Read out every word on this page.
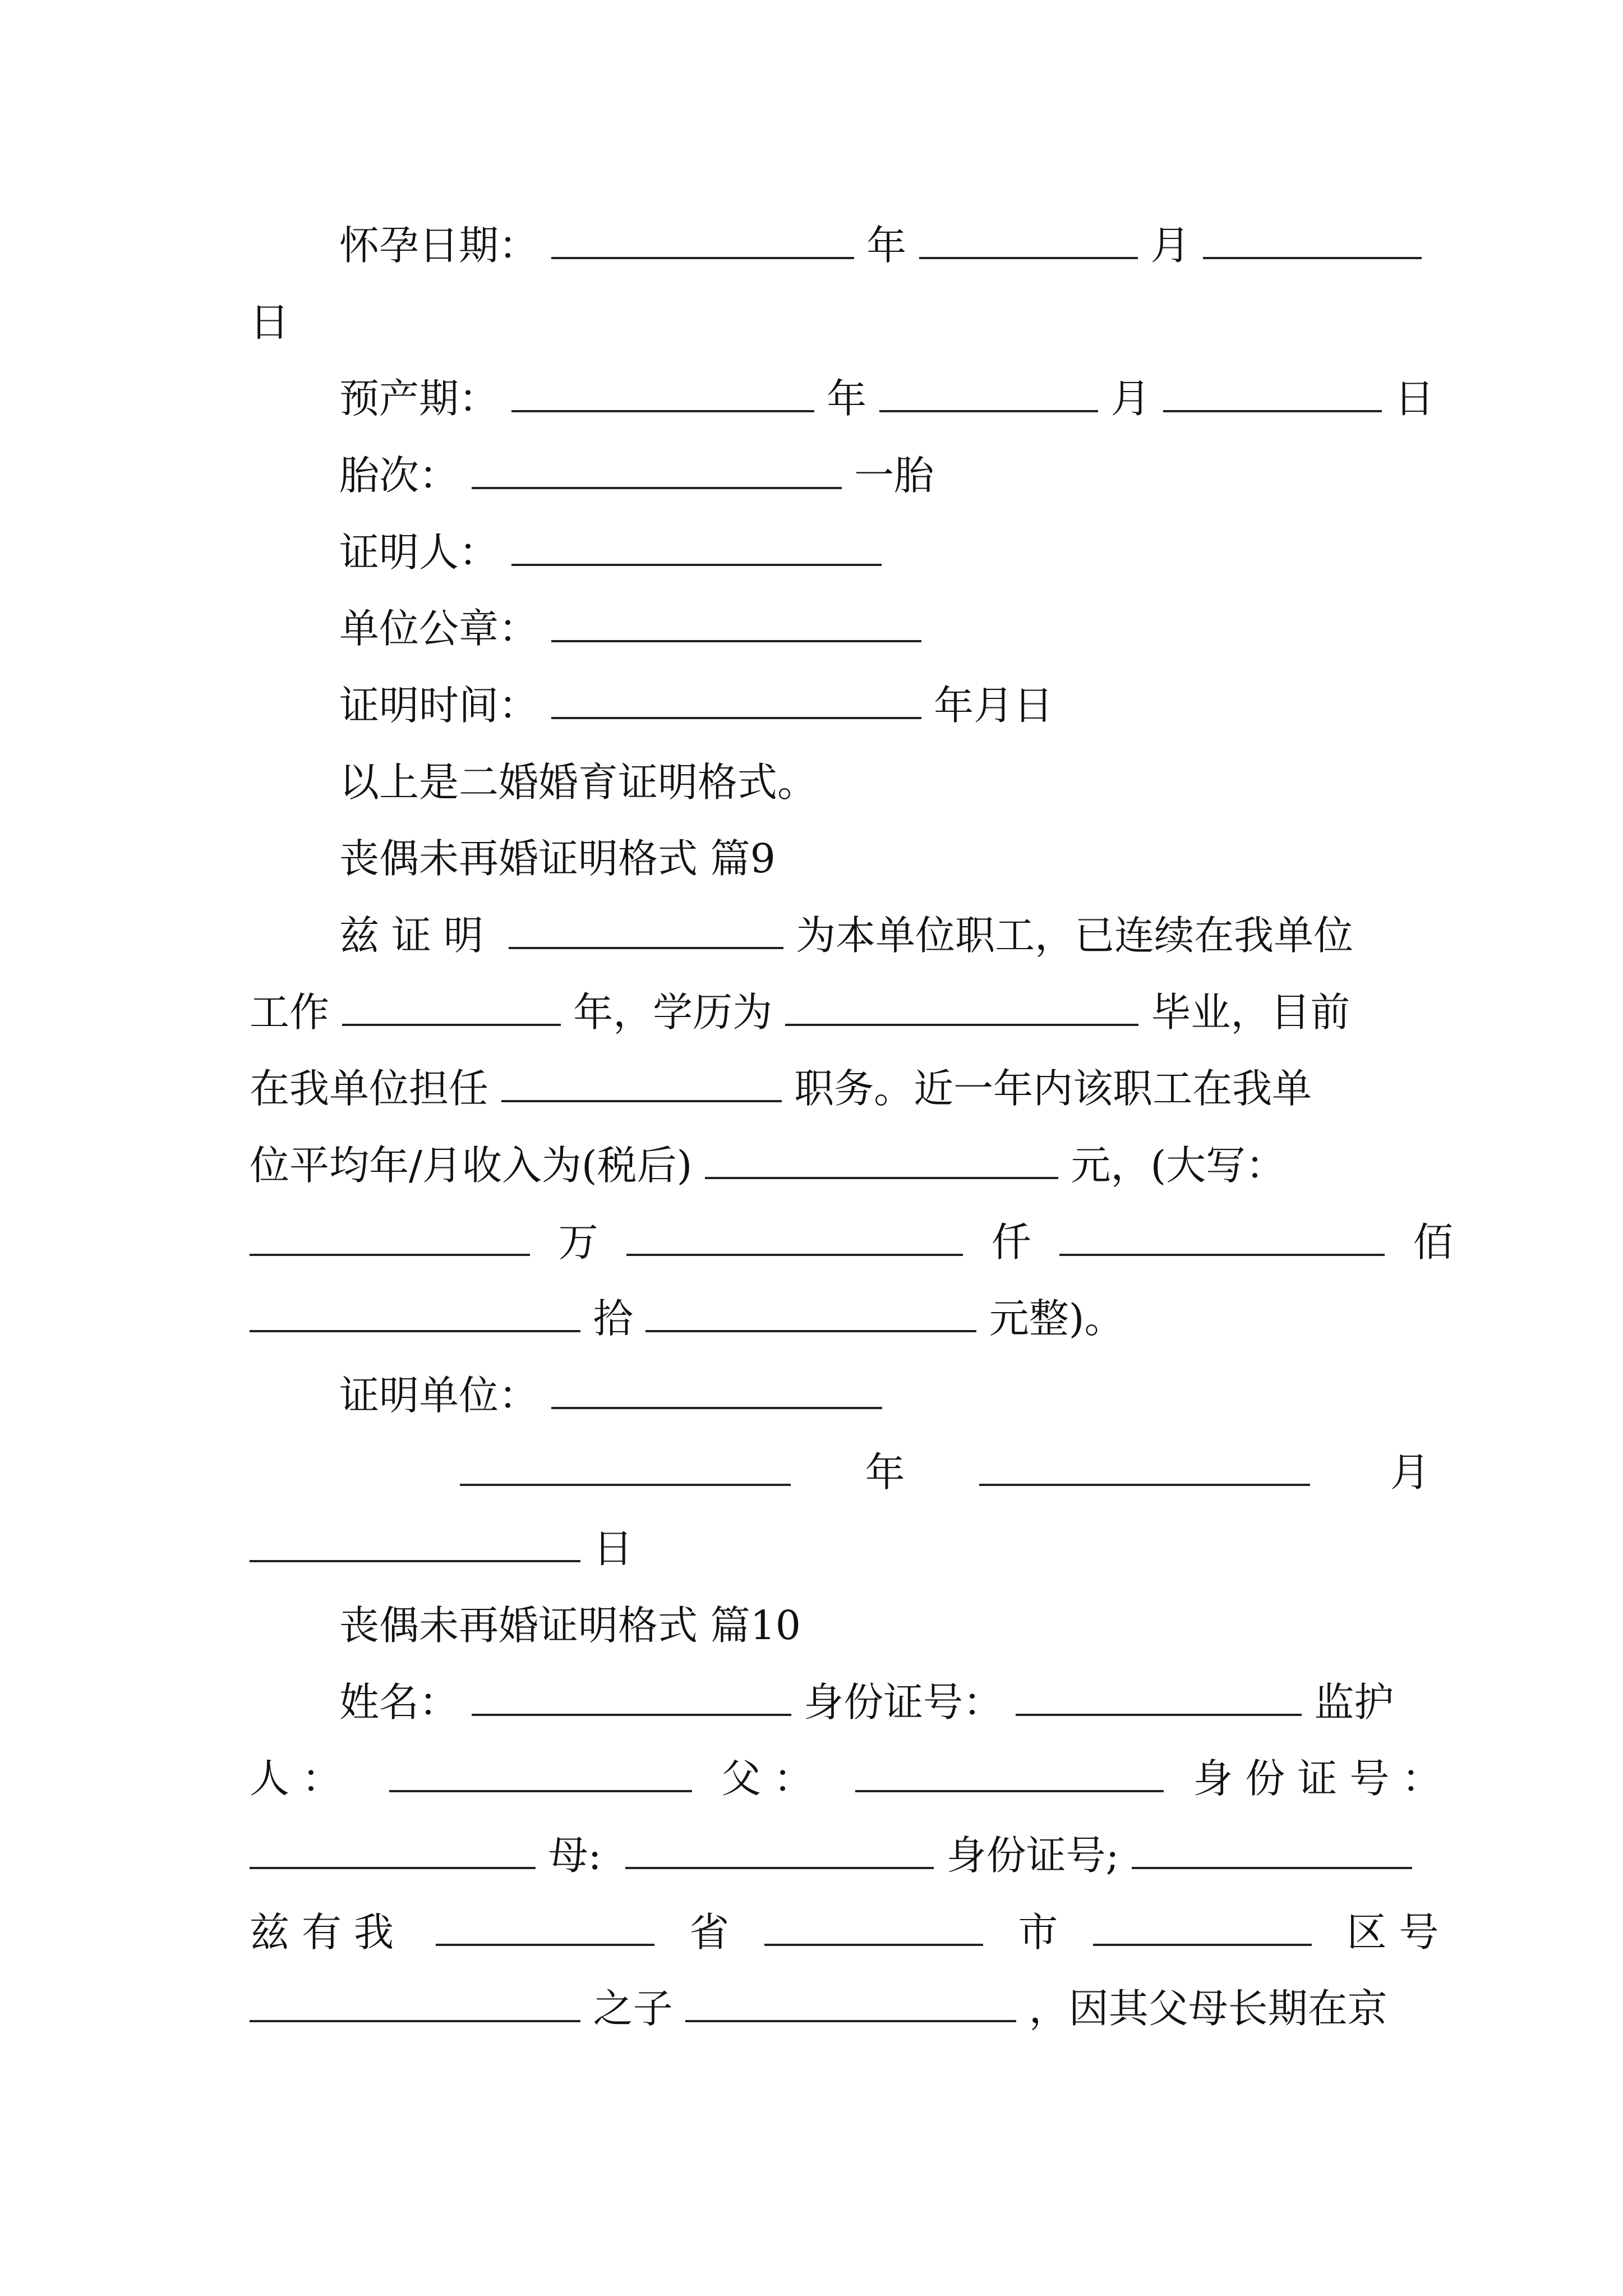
怀孕日期：	年	月
日
预产期：	年	月	日
胎次：	一胎
证明人：
单位公章：
证明时间：	年月日
以上是二婚婚育证明格式。
丧偶未再婚证明格式 篇9
兹证明	为本单位职工，已连续在我单位
工作	年，学历为	毕业，目前
在我单位担任	职务。近一年内该职工在我单
位平均年/月收入为(税后)	元，(大写：
万	仟	佰
拾	元整)。
证明单位：
年	月
日
丧偶未再婚证明格式 篇10
姓名：	身份证号：	监护
人：	父：	身份证号：
母:	身份证号;
兹有我	省	市	区号
之子	，因其父母长期在京
